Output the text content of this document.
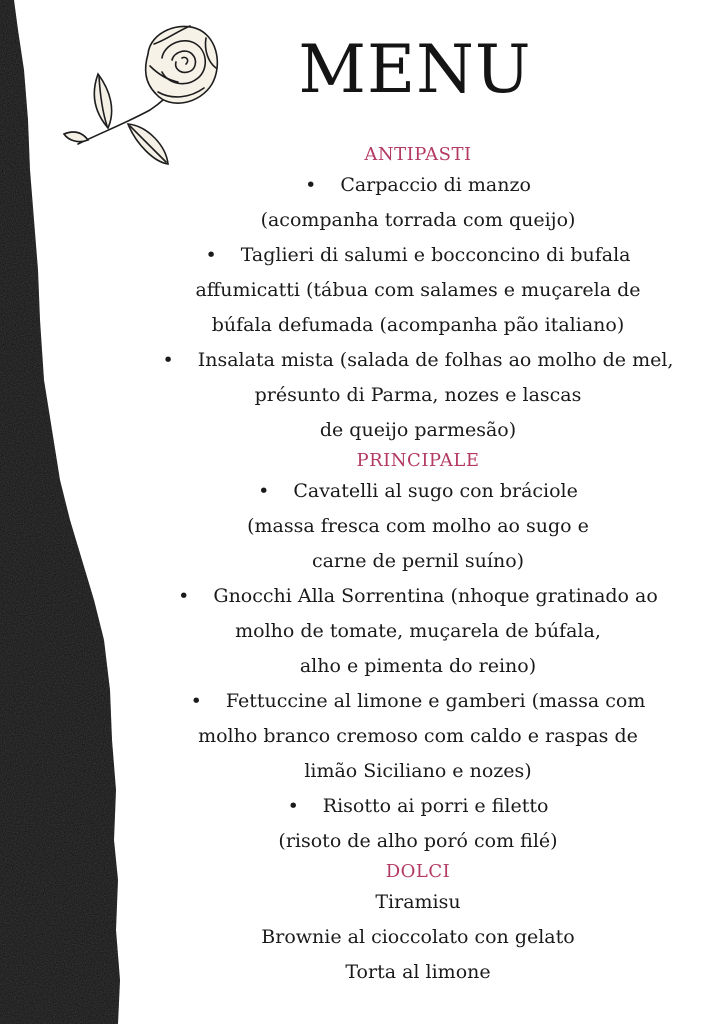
MENU
ANTIPASTI
• Carpaccio di manzo
(acompanha torrada com queijo)
• Taglieri di salumi e bocconcino di bufala
affumicatti (tábua com salames e muçarela de
búfala defumada (acompanha pão italiano)
• Insalata mista (salada de folhas ao molho de mel,
présunto di Parma, nozes e lascas
de queijo parmesão)
PRINCIPALE
• Cavatelli al sugo con bráciole
(massa fresca com molho ao sugo e
carne de pernil suíno)
• Gnocchi Alla Sorrentina (nhoque gratinado ao
molho de tomate, muçarela de búfala,
alho e pimenta do reino)
• Fettuccine al limone e gamberi (massa com
molho branco cremoso com caldo e raspas de
limão Siciliano e nozes)
• Risotto ai porri e filetto
(risoto de alho poró com filé)
DOLCI
Tiramisu
Brownie al cioccolato con gelato
Torta al limone
